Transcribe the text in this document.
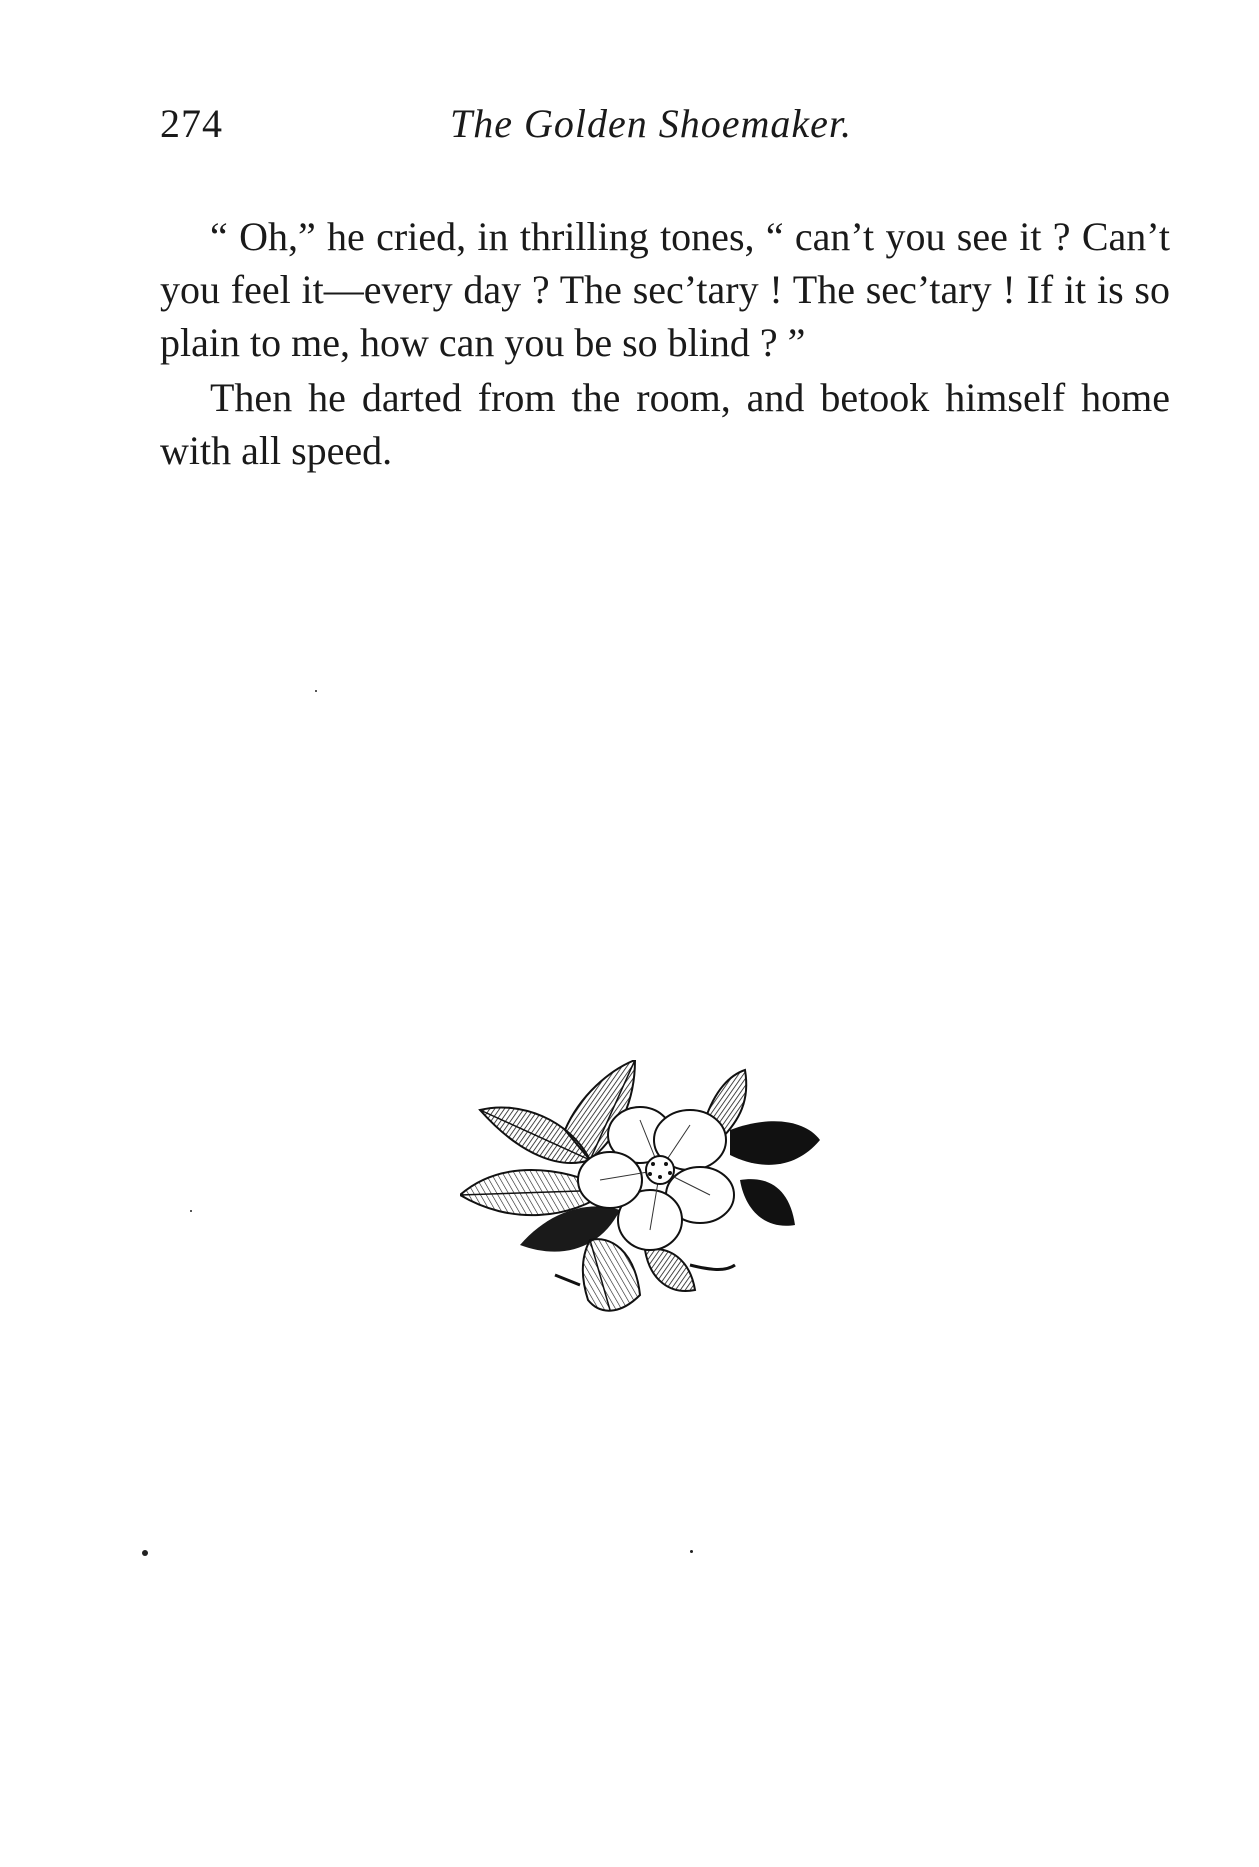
274	The Golden Shoemaker.

“ Oh,” he cried, in thrilling tones, “ can’t you see it ? Can’t you feel it—every day ? The sec’tary ! The sec’tary ! If it is so plain to me, how can you be so blind ? ”

Then he darted from the room, and betook himself home with all speed.
